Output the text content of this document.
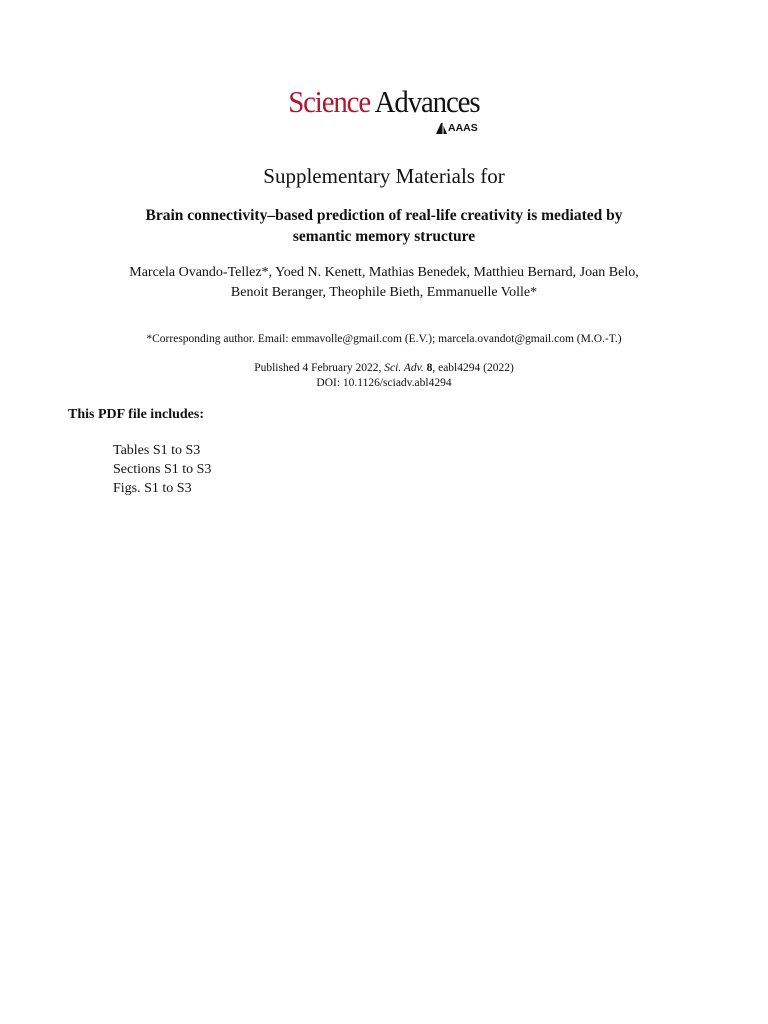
Science Advances
AAAS
Supplementary Materials for
Brain connectivity–based prediction of real-life creativity is mediated by
semantic memory structure
Marcela Ovando-Tellez*, Yoed N. Kenett, Mathias Benedek, Matthieu Bernard, Joan Belo,
Benoit Beranger, Theophile Bieth, Emmanuelle Volle*
*Corresponding author. Email: emmavolle@gmail.com (E.V.); marcela.ovandot@gmail.com (M.O.-T.)
Published 4 February 2022, Sci. Adv. 8, eabl4294 (2022)
DOI: 10.1126/sciadv.abl4294
This PDF file includes:
Tables S1 to S3
Sections S1 to S3
Figs. S1 to S3
